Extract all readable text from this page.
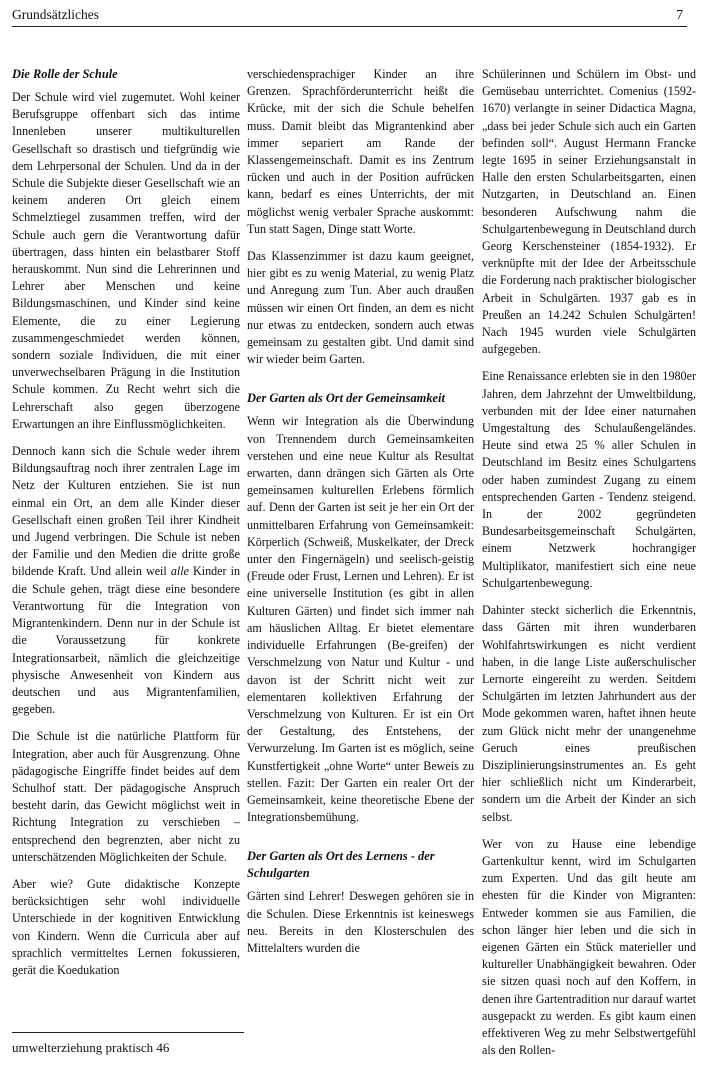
Grundsätzliches	7
Die Rolle der Schule

Der Schule wird viel zugemutet. Wohl keiner Berufsgruppe offenbart sich das intime Innenleben unserer multikulturellen Gesellschaft so drastisch und tiefgründig wie dem Lehrpersonal der Schulen. Und da in der Schule die Subjekte dieser Gesellschaft wie an keinem anderen Ort gleich einem Schmelztiegel zusammen treffen, wird der Schule auch gern die Verantwortung dafür übertragen, dass hinten ein belastbarer Stoff herauskommt. Nun sind die Lehrerinnen und Lehrer aber Menschen und keine Bildungsmaschinen, und Kinder sind keine Elemente, die zu einer Legierung zusammengeschmiedet werden können, sondern soziale Individuen, die mit einer unverwechselbaren Prägung in die Institution Schule kommen. Zu Recht wehrt sich die Lehrerschaft also gegen überzogene Erwartungen an ihre Einflussmöglichkeiten.

Dennoch kann sich die Schule weder ihrem Bildungsauftrag noch ihrer zentralen Lage im Netz der Kulturen entziehen. Sie ist nun einmal ein Ort, an dem alle Kinder dieser Gesellschaft einen großen Teil ihrer Kindheit und Jugend verbringen. Die Schule ist neben der Familie und den Medien die dritte große bildende Kraft. Und allein weil alle Kinder in die Schule gehen, trägt diese eine besondere Verantwortung für die Integration von Migrantenkindern. Denn nur in der Schule ist die Voraussetzung für konkrete Integrationsarbeit, nämlich die gleichzeitige physische Anwesenheit von Kindern aus deutschen und aus Migrantenfamilien, gegeben.

Die Schule ist die natürliche Plattform für Integration, aber auch für Ausgrenzung. Ohne pädagogische Eingriffe findet beides auf dem Schulhof statt. Der pädagogische Anspruch besteht darin, das Gewicht möglichst weit in Richtung Integration zu verschieben – entsprechend den begrenzten, aber nicht zu unterschätzenden Möglichkeiten der Schule.

Aber wie? Gute didaktische Konzepte berücksichtigen sehr wohl individuelle Unterschiede in der kognitiven Entwicklung von Kindern. Wenn die Curricula aber auf sprachlich vermitteltes Lernen fokussieren, gerät die Koedukation

verschiedensprachiger Kinder an ihre Grenzen. Sprachförderunterricht heißt die Krücke, mit der sich die Schule behelfen muss. Damit bleibt das Migrantenkind aber immer separiert am Rande der Klassengemeinschaft. Damit es ins Zentrum rücken und auch in der Position aufrücken kann, bedarf es eines Unterrichts, der mit möglichst wenig verbaler Sprache auskommt: Tun statt Sagen, Dinge statt Worte.

Das Klassenzimmer ist dazu kaum geeignet, hier gibt es zu wenig Material, zu wenig Platz und Anregung zum Tun. Aber auch draußen müssen wir einen Ort finden, an dem es nicht nur etwas zu entdecken, sondern auch etwas gemeinsam zu gestalten gibt. Und damit sind wir wieder beim Garten.

Der Garten als Ort der Gemeinsamkeit

Wenn wir Integration als die Überwindung von Trennendem durch Gemeinsamkeiten verstehen und eine neue Kultur als Resultat erwarten, dann drängen sich Gärten als Orte gemeinsamen kulturellen Erlebens förmlich auf. Denn der Garten ist seit je her ein Ort der unmittelbaren Erfahrung von Gemeinsamkeit: Körperlich (Schweiß, Muskelkater, der Dreck unter den Fingernägeln) und seelisch-geistig (Freude oder Frust, Lernen und Lehren). Er ist eine universelle Institution (es gibt in allen Kulturen Gärten) und findet sich immer nah am häuslichen Alltag. Er bietet elementare individuelle Erfahrungen (Be-greifen) der Verschmelzung von Natur und Kultur - und davon ist der Schritt nicht weit zur elementaren kollektiven Erfahrung der Verschmelzung von Kulturen. Er ist ein Ort der Gestaltung, des Entstehens, der Verwurzelung. Im Garten ist es möglich, seine Kunstfertigkeit „ohne Worte“ unter Beweis zu stellen. Fazit: Der Garten ein realer Ort der Gemeinsamkeit, keine theoretische Ebene der Integrationsbemühung.

Der Garten als Ort des Lernens - der Schulgarten

Gärten sind Lehrer! Deswegen gehören sie in die Schulen. Diese Erkenntnis ist keineswegs neu. Bereits in den Klosterschulen des Mittelalters wurden die

Schülerinnen und Schülern im Obst- und Gemüsebau unterrichtet. Comenius (1592-1670) verlangte in seiner Didactica Magna, „dass bei jeder Schule sich auch ein Garten befinden soll“. August Hermann Francke legte 1695 in seiner Erziehungsanstalt in Halle den ersten Schularbeitsgarten, einen Nutzgarten, in Deutschland an. Einen besonderen Aufschwung nahm die Schulgartenbewegung in Deutschland durch Georg Kerschensteiner (1854-1932). Er verknüpfte mit der Idee der Arbeitsschule die Forderung nach praktischer biologischer Arbeit in Schulgärten. 1937 gab es in Preußen an 14.242 Schulen Schulgärten! Nach 1945 wurden viele Schulgärten aufgegeben.

Eine Renaissance erlebten sie in den 1980er Jahren, dem Jahrzehnt der Umweltbildung, verbunden mit der Idee einer naturnahen Umgestaltung des Schulaußengeländes. Heute sind etwa 25 % aller Schulen in Deutschland im Besitz eines Schulgartens oder haben zumindest Zugang zu einem entsprechenden Garten - Tendenz steigend. In der 2002 gegründeten Bundesarbeitsgemeinschaft Schulgärten, einem Netzwerk hochrangiger Multiplikator, manifestiert sich eine neue Schulgartenbewegung.

Dahinter steckt sicherlich die Erkenntnis, dass Gärten mit ihren wunderbaren Wohlfahrtswirkungen es nicht verdient haben, in die lange Liste außerschulischer Lernorte eingereiht zu werden. Seitdem Schulgärten im letzten Jahrhundert aus der Mode gekommen waren, haftet ihnen heute zum Glück nicht mehr der unangenehme Geruch eines preußischen Disziplinierungsinstrumentes an. Es geht hier schließlich nicht um Kinderarbeit, sondern um die Arbeit der Kinder an sich selbst.

Wer von zu Hause eine lebendige Gartenkultur kennt, wird im Schulgarten zum Experten. Und das gilt heute am ehesten für die Kinder von Migranten: Entweder kommen sie aus Familien, die schon länger hier leben und die sich in eigenen Gärten ein Stück materieller und kultureller Unabhängigkeit bewahren. Oder sie sitzen quasi noch auf den Koffern, in denen ihre Gartentradition nur darauf wartet ausgepackt zu werden. Es gibt kaum einen effektiveren Weg zu mehr Selbstwertgefühl als den Rollen-

umwelterziehung praktisch 46
